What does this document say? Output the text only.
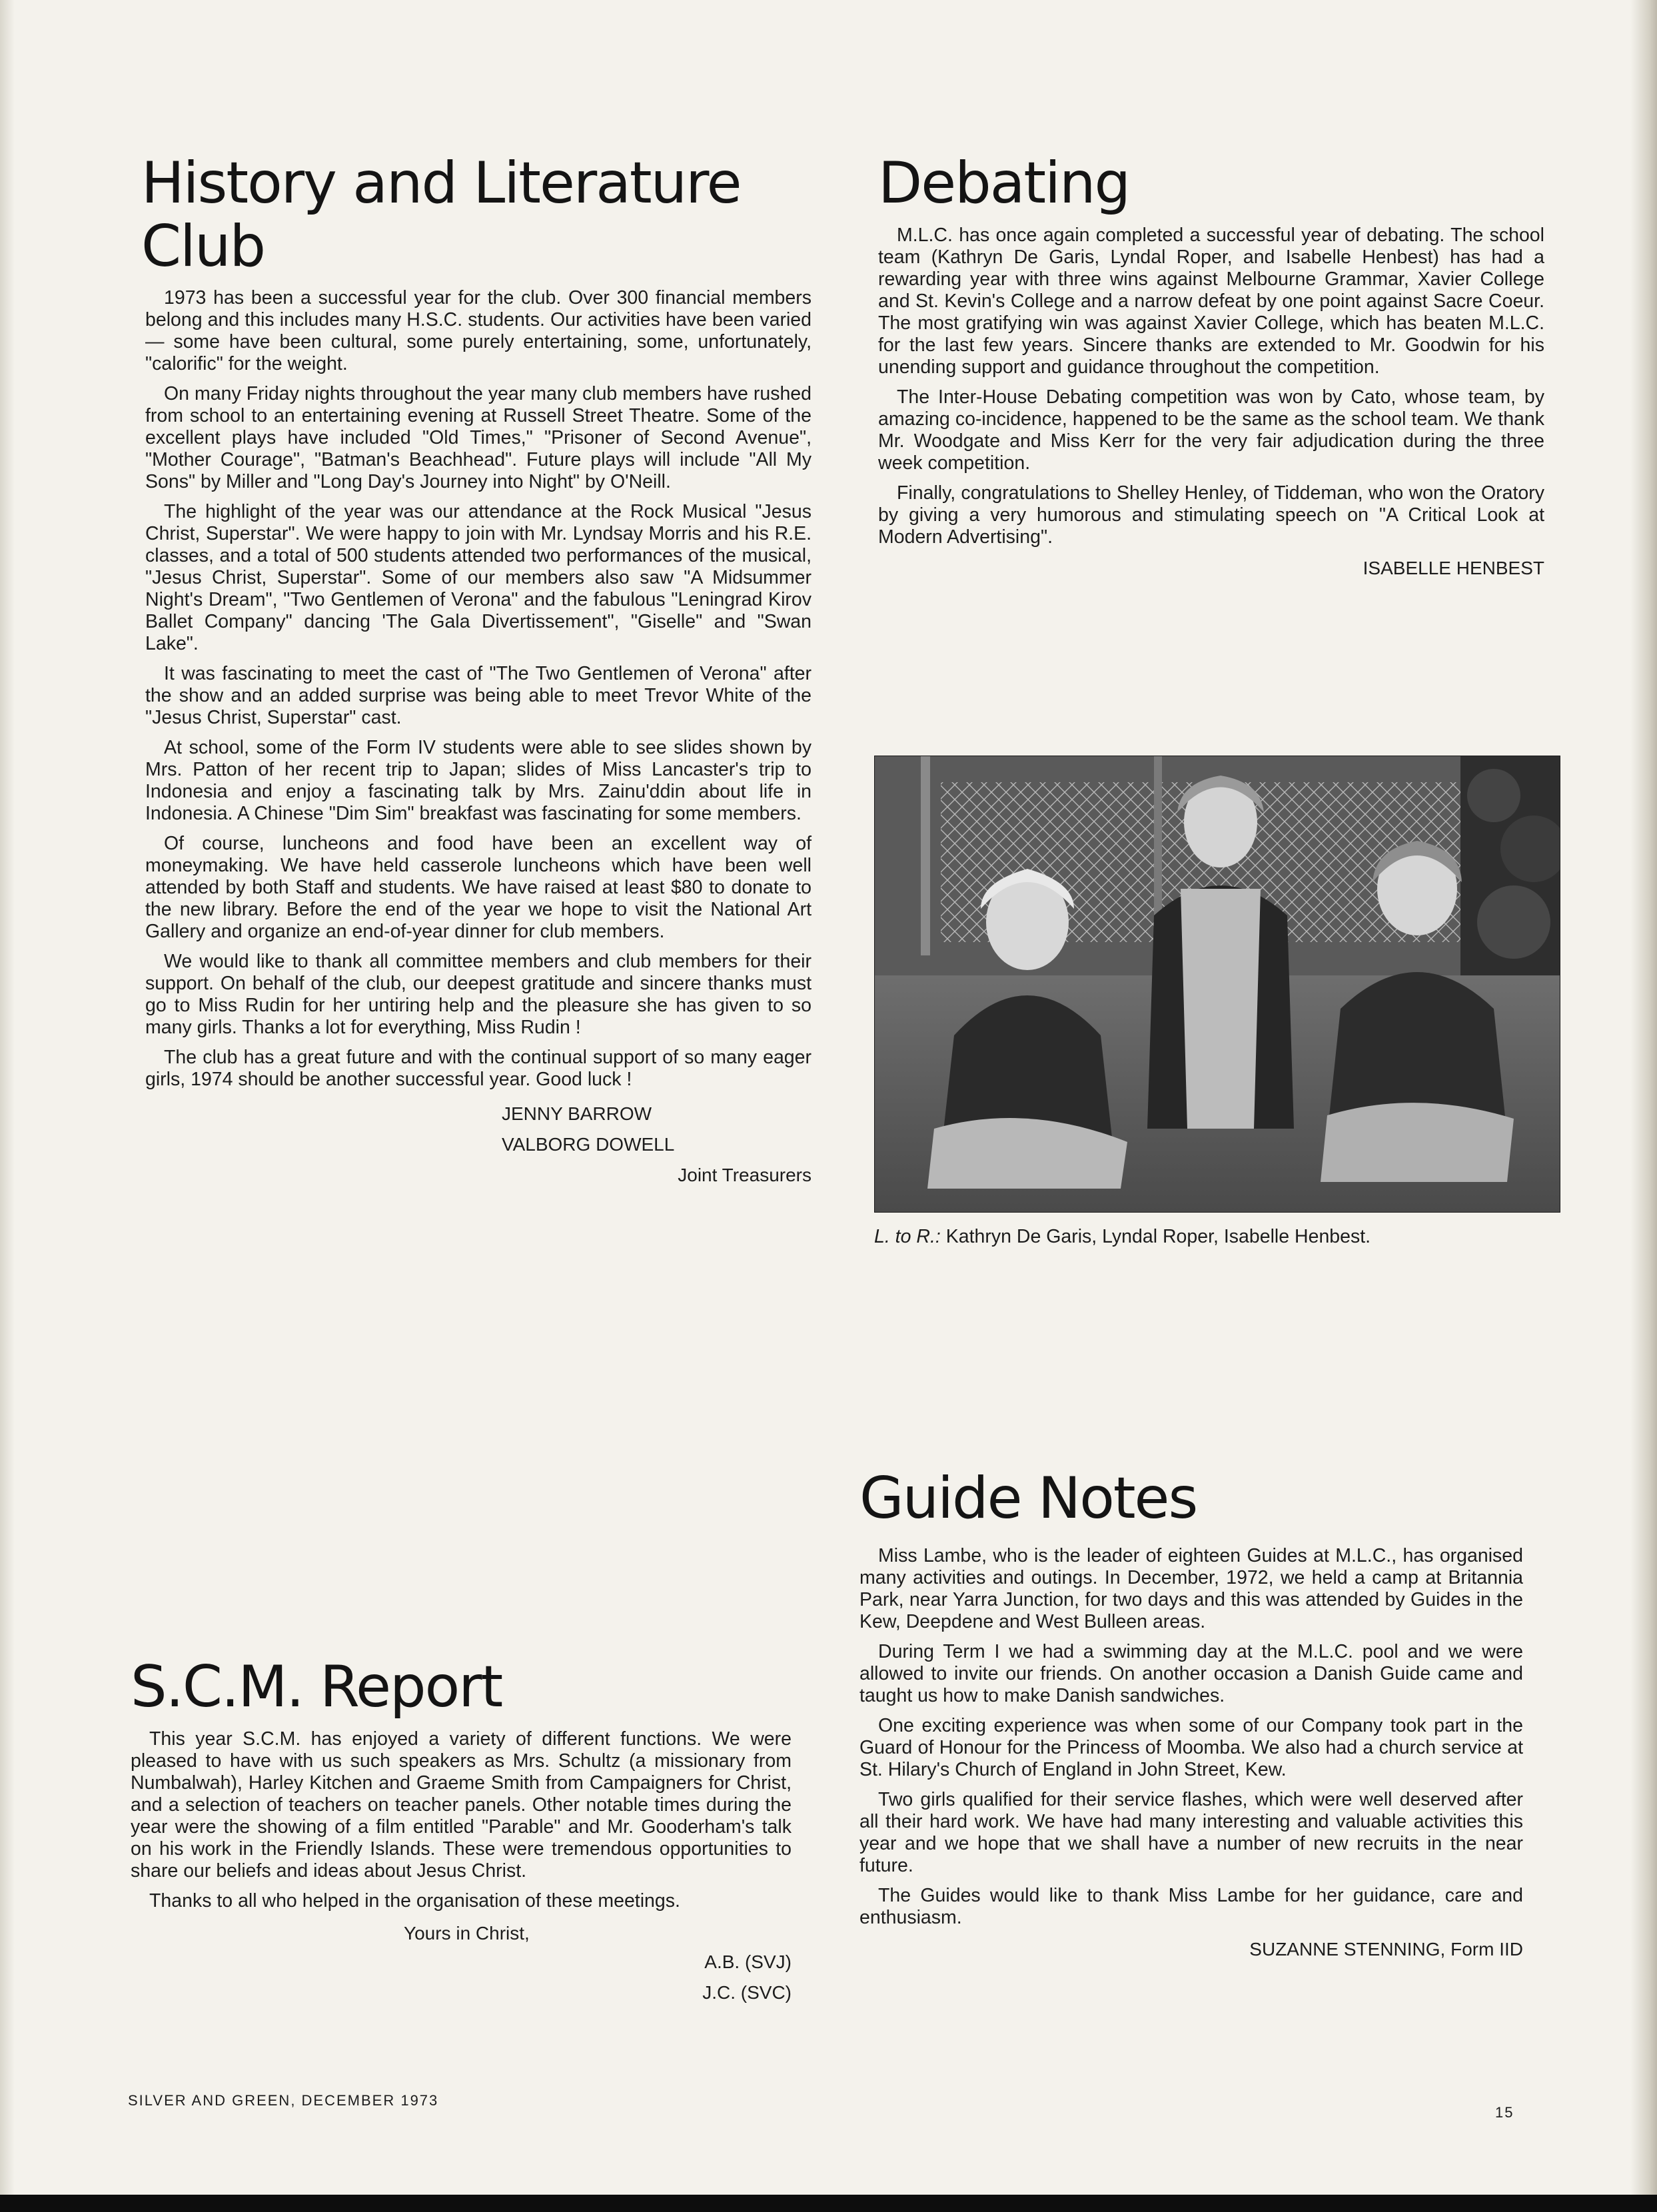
History and Literature Club

1973 has been a successful year for the club. Over 300 financial members belong and this includes many H.S.C. students. Our activities have been varied — some have been cultural, some purely entertaining, some, unfortunately, "calorific" for the weight.

On many Friday nights throughout the year many club members have rushed from school to an entertaining evening at Russell Street Theatre. Some of the excellent plays have included "Old Times," "Prisoner of Second Avenue", "Mother Courage", "Batman's Beachhead". Future plays will include "All My Sons" by Miller and "Long Day's Journey into Night" by O'Neill.

The highlight of the year was our attendance at the Rock Musical "Jesus Christ, Superstar". We were happy to join with Mr. Lyndsay Morris and his R.E. classes, and a total of 500 students attended two performances of the musical, "Jesus Christ, Superstar". Some of our members also saw "A Midsummer Night's Dream", "Two Gentlemen of Verona" and the fabulous "Leningrad Kirov Ballet Company" dancing 'The Gala Divertissement", "Giselle" and "Swan Lake".

It was fascinating to meet the cast of "The Two Gentlemen of Verona" after the show and an added surprise was being able to meet Trevor White of the "Jesus Christ, Superstar" cast.

At school, some of the Form IV students were able to see slides shown by Mrs. Patton of her recent trip to Japan; slides of Miss Lancaster's trip to Indonesia and enjoy a fascinating talk by Mrs. Zainu'ddin about life in Indonesia. A Chinese "Dim Sim" breakfast was fascinating for some members.

Of course, luncheons and food have been an excellent way of moneymaking. We have held casserole luncheons which have been well attended by both Staff and students. We have raised at least $80 to donate to the new library. Before the end of the year we hope to visit the National Art Gallery and organize an end-of-year dinner for club members.

We would like to thank all committee members and club members for their support. On behalf of the club, our deepest gratitude and sincere thanks must go to Miss Rudin for her untiring help and the pleasure she has given to so many girls. Thanks a lot for everything, Miss Rudin !

The club has a great future and with the continual support of so many eager girls, 1974 should be another successful year. Good luck !

JENNY BARROW

VALBORG DOWELL

Joint Treasurers

Debating

M.L.C. has once again completed a successful year of debating. The school team (Kathryn De Garis, Lyndal Roper, and Isabelle Henbest) has had a rewarding year with three wins against Melbourne Grammar, Xavier College and St. Kevin's College and a narrow defeat by one point against Sacre Coeur. The most gratifying win was against Xavier College, which has beaten M.L.C. for the last few years. Sincere thanks are extended to Mr. Goodwin for his unending support and guidance throughout the competition.

The Inter-House Debating competition was won by Cato, whose team, by amazing co-incidence, happened to be the same as the school team. We thank Mr. Woodgate and Miss Kerr for the very fair adjudication during the three week competition.

Finally, congratulations to Shelley Henley, of Tiddeman, who won the Oratory by giving a very humorous and stimulating speech on "A Critical Look at Modern Advertising".

ISABELLE HENBEST

L. to R.: Kathryn De Garis, Lyndal Roper, Isabelle Henbest.
S.C.M. Report

This year S.C.M. has enjoyed a variety of different functions. We were pleased to have with us such speakers as Mrs. Schultz (a missionary from Numbalwah), Harley Kitchen and Graeme Smith from Campaigners for Christ, and a selection of teachers on teacher panels. Other notable times during the year were the showing of a film entitled "Parable" and Mr. Gooderham's talk on his work in the Friendly Islands. These were tremendous opportunities to share our beliefs and ideas about Jesus Christ.

Thanks to all who helped in the organisation of these meetings.

Yours in Christ,

A.B. (SVJ)

J.C. (SVC)

Guide Notes

Miss Lambe, who is the leader of eighteen Guides at M.L.C., has organised many activities and outings. In December, 1972, we held a camp at Britannia Park, near Yarra Junction, for two days and this was attended by Guides in the Kew, Deepdene and West Bulleen areas.

During Term I we had a swimming day at the M.L.C. pool and we were allowed to invite our friends. On another occasion a Danish Guide came and taught us how to make Danish sandwiches.

One exciting experience was when some of our Company took part in the Guard of Honour for the Princess of Moomba. We also had a church service at St. Hilary's Church of England in John Street, Kew.

Two girls qualified for their service flashes, which were well deserved after all their hard work. We have had many interesting and valuable activities this year and we hope that we shall have a number of new recruits in the near future.

The Guides would like to thank Miss Lambe for her guidance, care and enthusiasm.

SUZANNE STENNING, Form IID

SILVER AND GREEN, DECEMBER 1973
15
